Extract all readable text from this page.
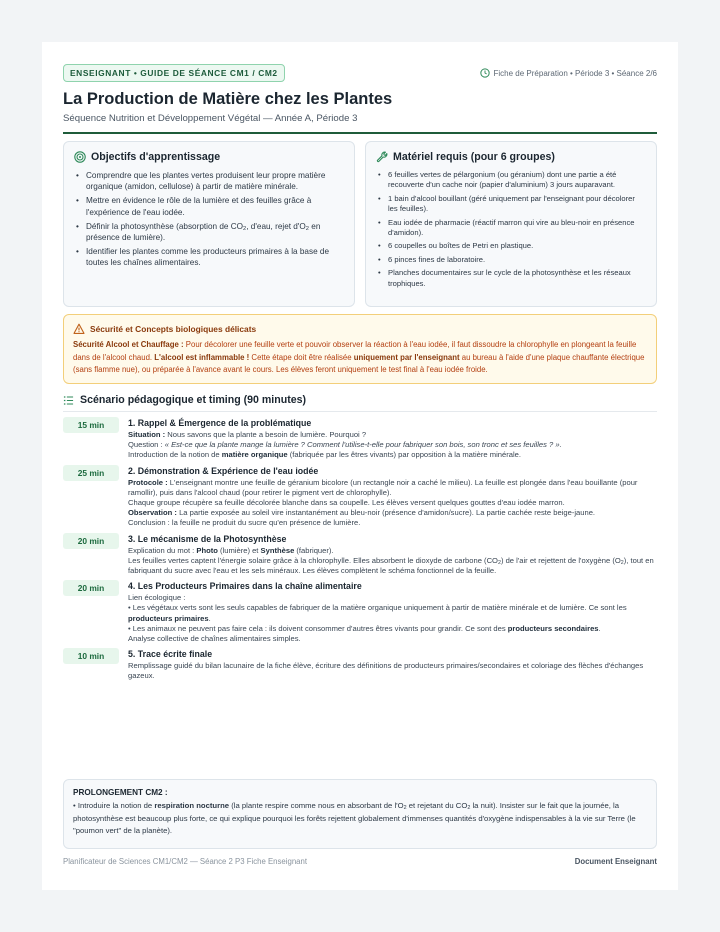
ENSEIGNANT • GUIDE DE SÉANCE CM1 / CM2	Fiche de Préparation • Période 3 • Séance 2/6
La Production de Matière chez les Plantes
Séquence Nutrition et Développement Végétal — Année A, Période 3
Objectifs d'apprentissage
• Comprendre que les plantes vertes produisent leur propre matière organique (amidon, cellulose) à partir de matière minérale.
• Mettre en évidence le rôle de la lumière et des feuilles grâce à l'expérience de l'eau iodée.
• Définir la photosynthèse (absorption de $CO_2$, d'eau, rejet $d'O_2$ en présence de lumière).
• Identifier les plantes comme les producteurs primaires à la base de toutes les chaînes alimentaires.
Matériel requis (pour 6 groupes)
• 6 feuilles vertes de pélargonium (ou géranium) dont une partie a été recouverte d'un cache noir (papier d'aluminium) 3 jours auparavant.
• 1 bain d'alcool bouillant (géré uniquement par l'enseignant pour décolorer les feuilles).
• Eau iodée de pharmacie (réactif marron qui vire au bleu-noir en présence d'amidon).
• 6 coupelles ou boîtes de Petri en plastique.
• 6 pinces fines de laboratoire.
• Planches documentaires sur le cycle de la photosynthèse et les réseaux trophiques.
Sécurité et Concepts biologiques délicats

Sécurité Alcool et Chauffage : Pour décolorer une feuille verte et pouvoir observer la réaction à l'eau iodée, il faut dissoudre la chlorophylle en plongeant la feuille dans de l'alcool chaud. L'alcool est inflammable ! Cette étape doit être réalisée uniquement par l'enseignant au bureau à l'aide d'une plaque chauffante électrique (sans flamme nue), ou préparée à l'avance avant le cours. Les élèves feront uniquement le test final à l'eau iodée froide.

Scénario pédagogique et timing (90 minutes)
15 min	1. Rappel & Émergence de la problématique

Situation : Nous savons que la plante a besoin de lumière. Pourquoi ?

Question : « Est-ce que la plante mange la lumière ? Comment l'utilise-t-elle pour fabriquer son bois, son tronc et ses feuilles ? ».

Introduction de la notion de matière organique (fabriquée par les êtres vivants) par opposition à la matière minérale.

25 min	2. Démonstration & Expérience de l'eau iodée

Protocole : L'enseignant montre une feuille de géranium bicolore (un rectangle noir a caché le milieu). La feuille est plongée dans l'eau bouillante (pour ramollir), puis dans l'alcool chaud (pour retirer le pigment vert de chlorophylle).

Chaque groupe récupère sa feuille décolorée blanche dans sa coupelle. Les élèves versent quelques gouttes d'eau iodée marron.

Observation : La partie exposée au soleil vire instantanément au bleu-noir (présence d'amidon/sucre). La partie cachée reste beige-jaune.

Conclusion : la feuille ne produit du sucre qu'en présence de lumière.

20 min	3. Le mécanisme de la Photosynthèse

Explication du mot : Photo (lumière) et Synthèse (fabriquer).

Les feuilles vertes captent l'énergie solaire grâce à la chlorophylle. Elles absorbent le dioxyde de carbone $(CO_2)$ de l'air et rejettent de l'oxygène $(O_2)$, tout en fabriquant du sucre avec l'eau et les sels minéraux. Les élèves complètent le schéma fonctionnel de la feuille.

20 min	4. Les Producteurs Primaires dans la chaîne alimentaire

Lien écologique :

• Les végétaux verts sont les seuls capables de fabriquer de la matière organique uniquement à partir de matière minérale et de lumière. Ce sont les producteurs primaires.

• Les animaux ne peuvent pas faire cela : ils doivent consommer d'autres êtres vivants pour grandir. Ce sont des producteurs secondaires.

Analyse collective de chaînes alimentaires simples.

10 min	5. Trace écrite finale

Remplissage guidé du bilan lacunaire de la fiche élève, écriture des définitions de producteurs primaires/secondaires et coloriage des flèches d'échanges gazeux.

PROLONGEMENT CM2 :

• Introduire la notion de respiration nocturne (la plante respire comme nous en absorbant de $l'O_2$ et rejetant du $CO_2$ la nuit). Insister sur le fait que la journée, la photosynthèse est beaucoup plus forte, ce qui explique pourquoi les forêts rejettent globalement d'immenses quantités d'oxygène indispensables à la vie sur Terre (le "poumon vert" de la planète).

Planificateur de Sciences CM1/CM2 — Séance 2 P3 Fiche Enseignant	Document Enseignant
